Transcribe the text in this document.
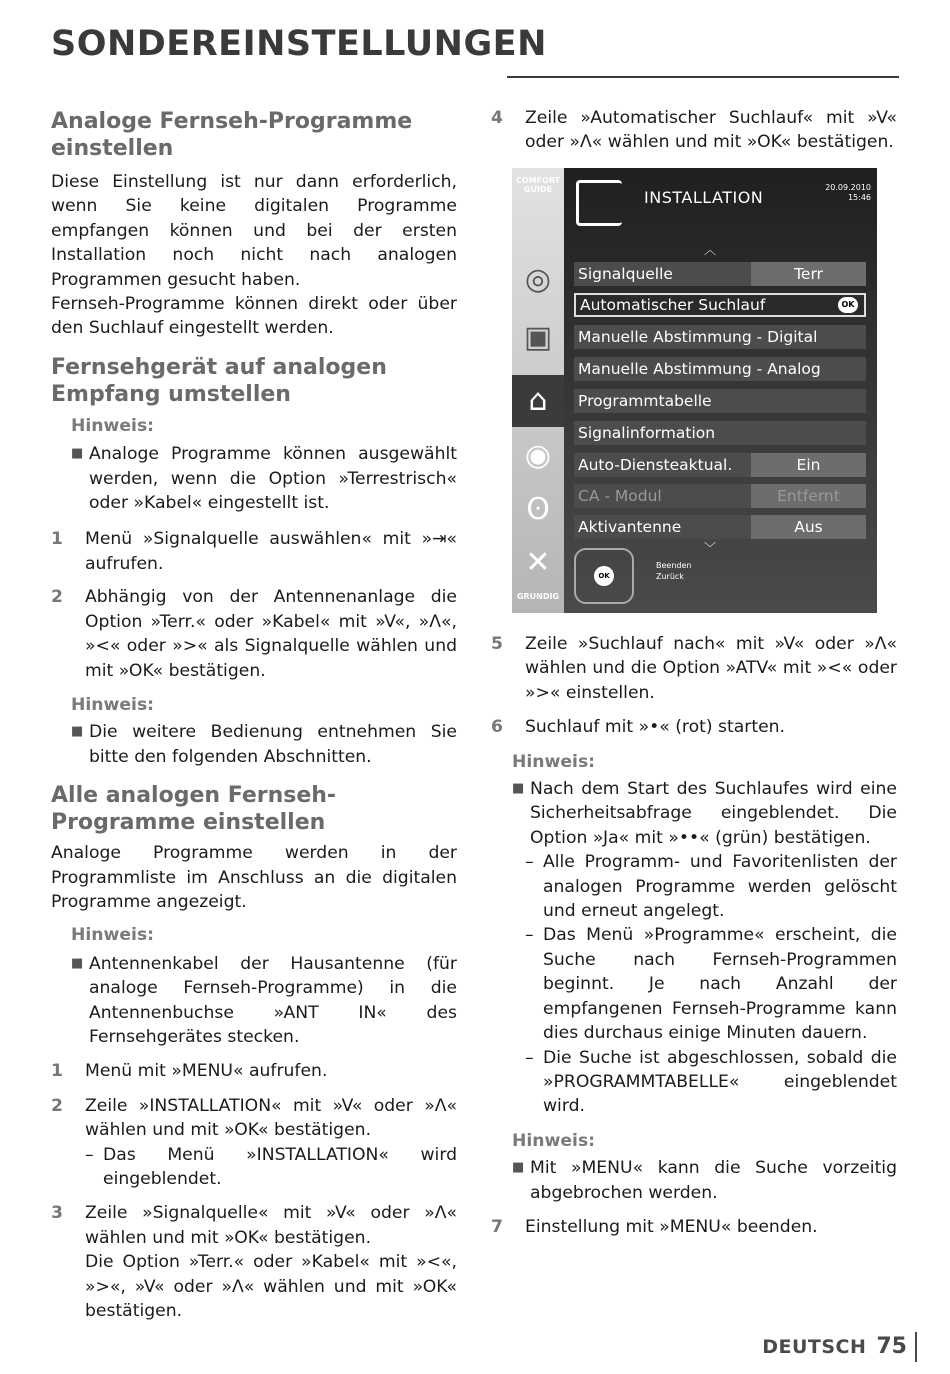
SONDEREINSTELLUNGEN
Analoge Fernseh-Programme einstellen
Diese Einstellung ist nur dann erforderlich, wenn Sie keine digitalen Programme empfangen können und bei der ersten Installation noch nicht nach analogen Programmen gesucht haben.
Fernseh-Programme können direkt oder über den Suchlauf eingestellt werden.
Fernsehgerät auf analogen Empfang umstellen
Hinweis:
■ Analoge Programme können ausgewählt werden, wenn die Option »Terrestrisch« oder »Kabel« eingestellt ist.
1	Menü »Signalquelle auswählen« mit »⇥« aufrufen.
2	Abhängig von der Antennenanlage die Option »Terr.« oder »Kabel« mit »V«, »Λ«, »<« oder »>« als Signalquelle wählen und mit »OK« bestätigen.
Hinweis:
■ Die weitere Bedienung entnehmen Sie bitte den folgenden Abschnitten.
Alle analogen Fernseh-Programme einstellen
Analoge Programme werden in der Programmliste im Anschluss an die digitalen Programme angezeigt.
Hinweis:
■ Antennenkabel der Hausantenne (für analoge Fernseh-Programme) in die Antennenbuchse »ANT IN« des Fernsehgerätes stecken.
1	Menü mit »MENU« aufrufen.
2	Zeile »INSTALLATION« mit »V« oder »Λ« wählen und mit »OK« bestätigen.
– Das Menü »INSTALLATION« wird eingeblendet.
3	Zeile »Signalquelle« mit »V« oder »Λ« wählen und mit »OK« bestätigen.
Die Option »Terr.« oder »Kabel« mit »<«, »>«, »V« oder »Λ« wählen und mit »OK« bestätigen.
4	Zeile »Automatischer Suchlauf« mit »V« oder »Λ« wählen und mit »OK« bestätigen.
COMFORT GUIDE
◎
▣
⌂
◉
ʘ
✕
GRUNDIG
INSTALLATION
20.09.2010
15:46
︿
Signalquelle	Terr
Automatischer Suchlauf	OK
Manuelle Abstimmung - Digital
Manuelle Abstimmung - Analog
Programmtabelle
Signalinformation
Auto-Diensteaktual.	Ein
CA - Modul	Entfernt
Aktivantenne	Aus
﹀
OK
Beenden
Zurück
5	Zeile »Suchlauf nach« mit »V« oder »Λ« wählen und die Option »ATV« mit »<« oder »>« einstellen.
6	Suchlauf mit »•« (rot) starten.
Hinweis:
■ Nach dem Start des Suchlaufes wird eine Sicherheitsabfrage eingeblendet. Die Option »Ja« mit »••« (grün) bestätigen.
– Alle Programm- und Favoritenlisten der analogen Programme werden gelöscht und erneut angelegt.
– Das Menü »Programme« erscheint, die Suche nach Fernseh-Programmen beginnt. Je nach Anzahl der empfangenen Fernseh-Programme kann dies durchaus einige Minuten dauern.
– Die Suche ist abgeschlossen, sobald die »PROGRAMMTABELLE« eingeblendet wird.
Hinweis:
■ Mit »MENU« kann die Suche vorzeitig abgebrochen werden.
7	Einstellung mit »MENU« beenden.
DEUTSCH 75
